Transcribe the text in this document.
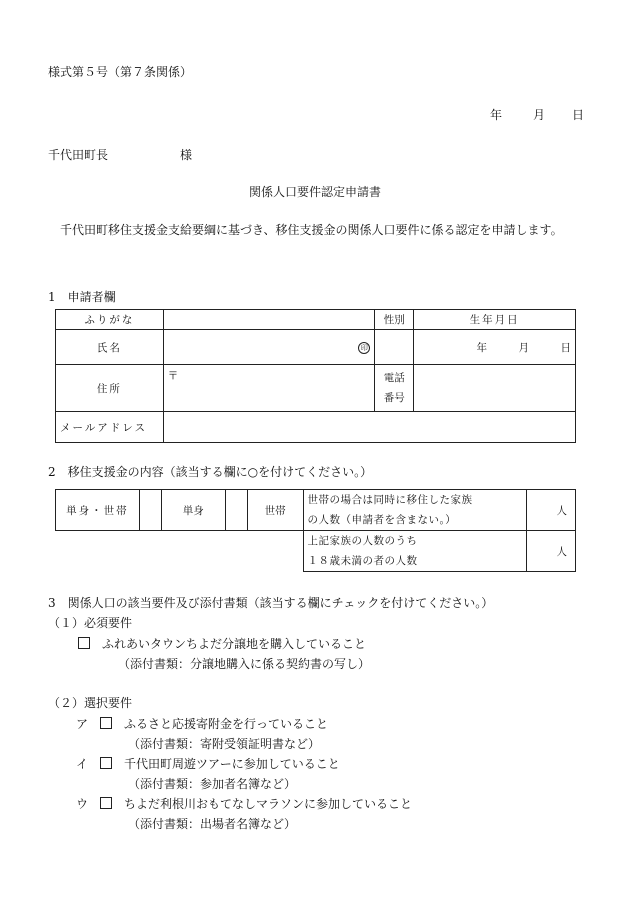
様式第５号（第７条関係）
年	月 日
千代田町長	様
関係人口要件認定申請書
千代田町移住支援金支給要綱に基づき、移住支援金の関係人口要件に係る認定を申請します。
1　 申請者欄
ふりがな		性別	生年月日
氏名	印		年　　　 月　　　 日
住所	〒	電話
番号	
メールアドレス			
2　 移住支援金の内容（該当する欄に○を付けてください。）
単身・世帯		単身		世帯	世帯の場合は同時に移住した家族
の人数（申請者を含まない。）	人
					上記家族の人数のうち
１８歳未満の者の人数	人
3　 関係人口の該当要件及び添付書類（該当する欄にチェックを付けてください。）
（１）必須要件
　ふれあいタウンちよだ分譲地を購入していること
（添付書類：分譲地購入に係る契約書の写し）
（２）選択要件
ア　　	ふるさと応援寄附金を行っていること
（添付書類：寄附受領証明書など）
イ　　	千代田町周遊ツアーに参加していること
（添付書類：参加者名簿など）
ウ　　	ちよだ利根川おもてなしマラソンに参加していること
（添付書類：出場者名簿など）
